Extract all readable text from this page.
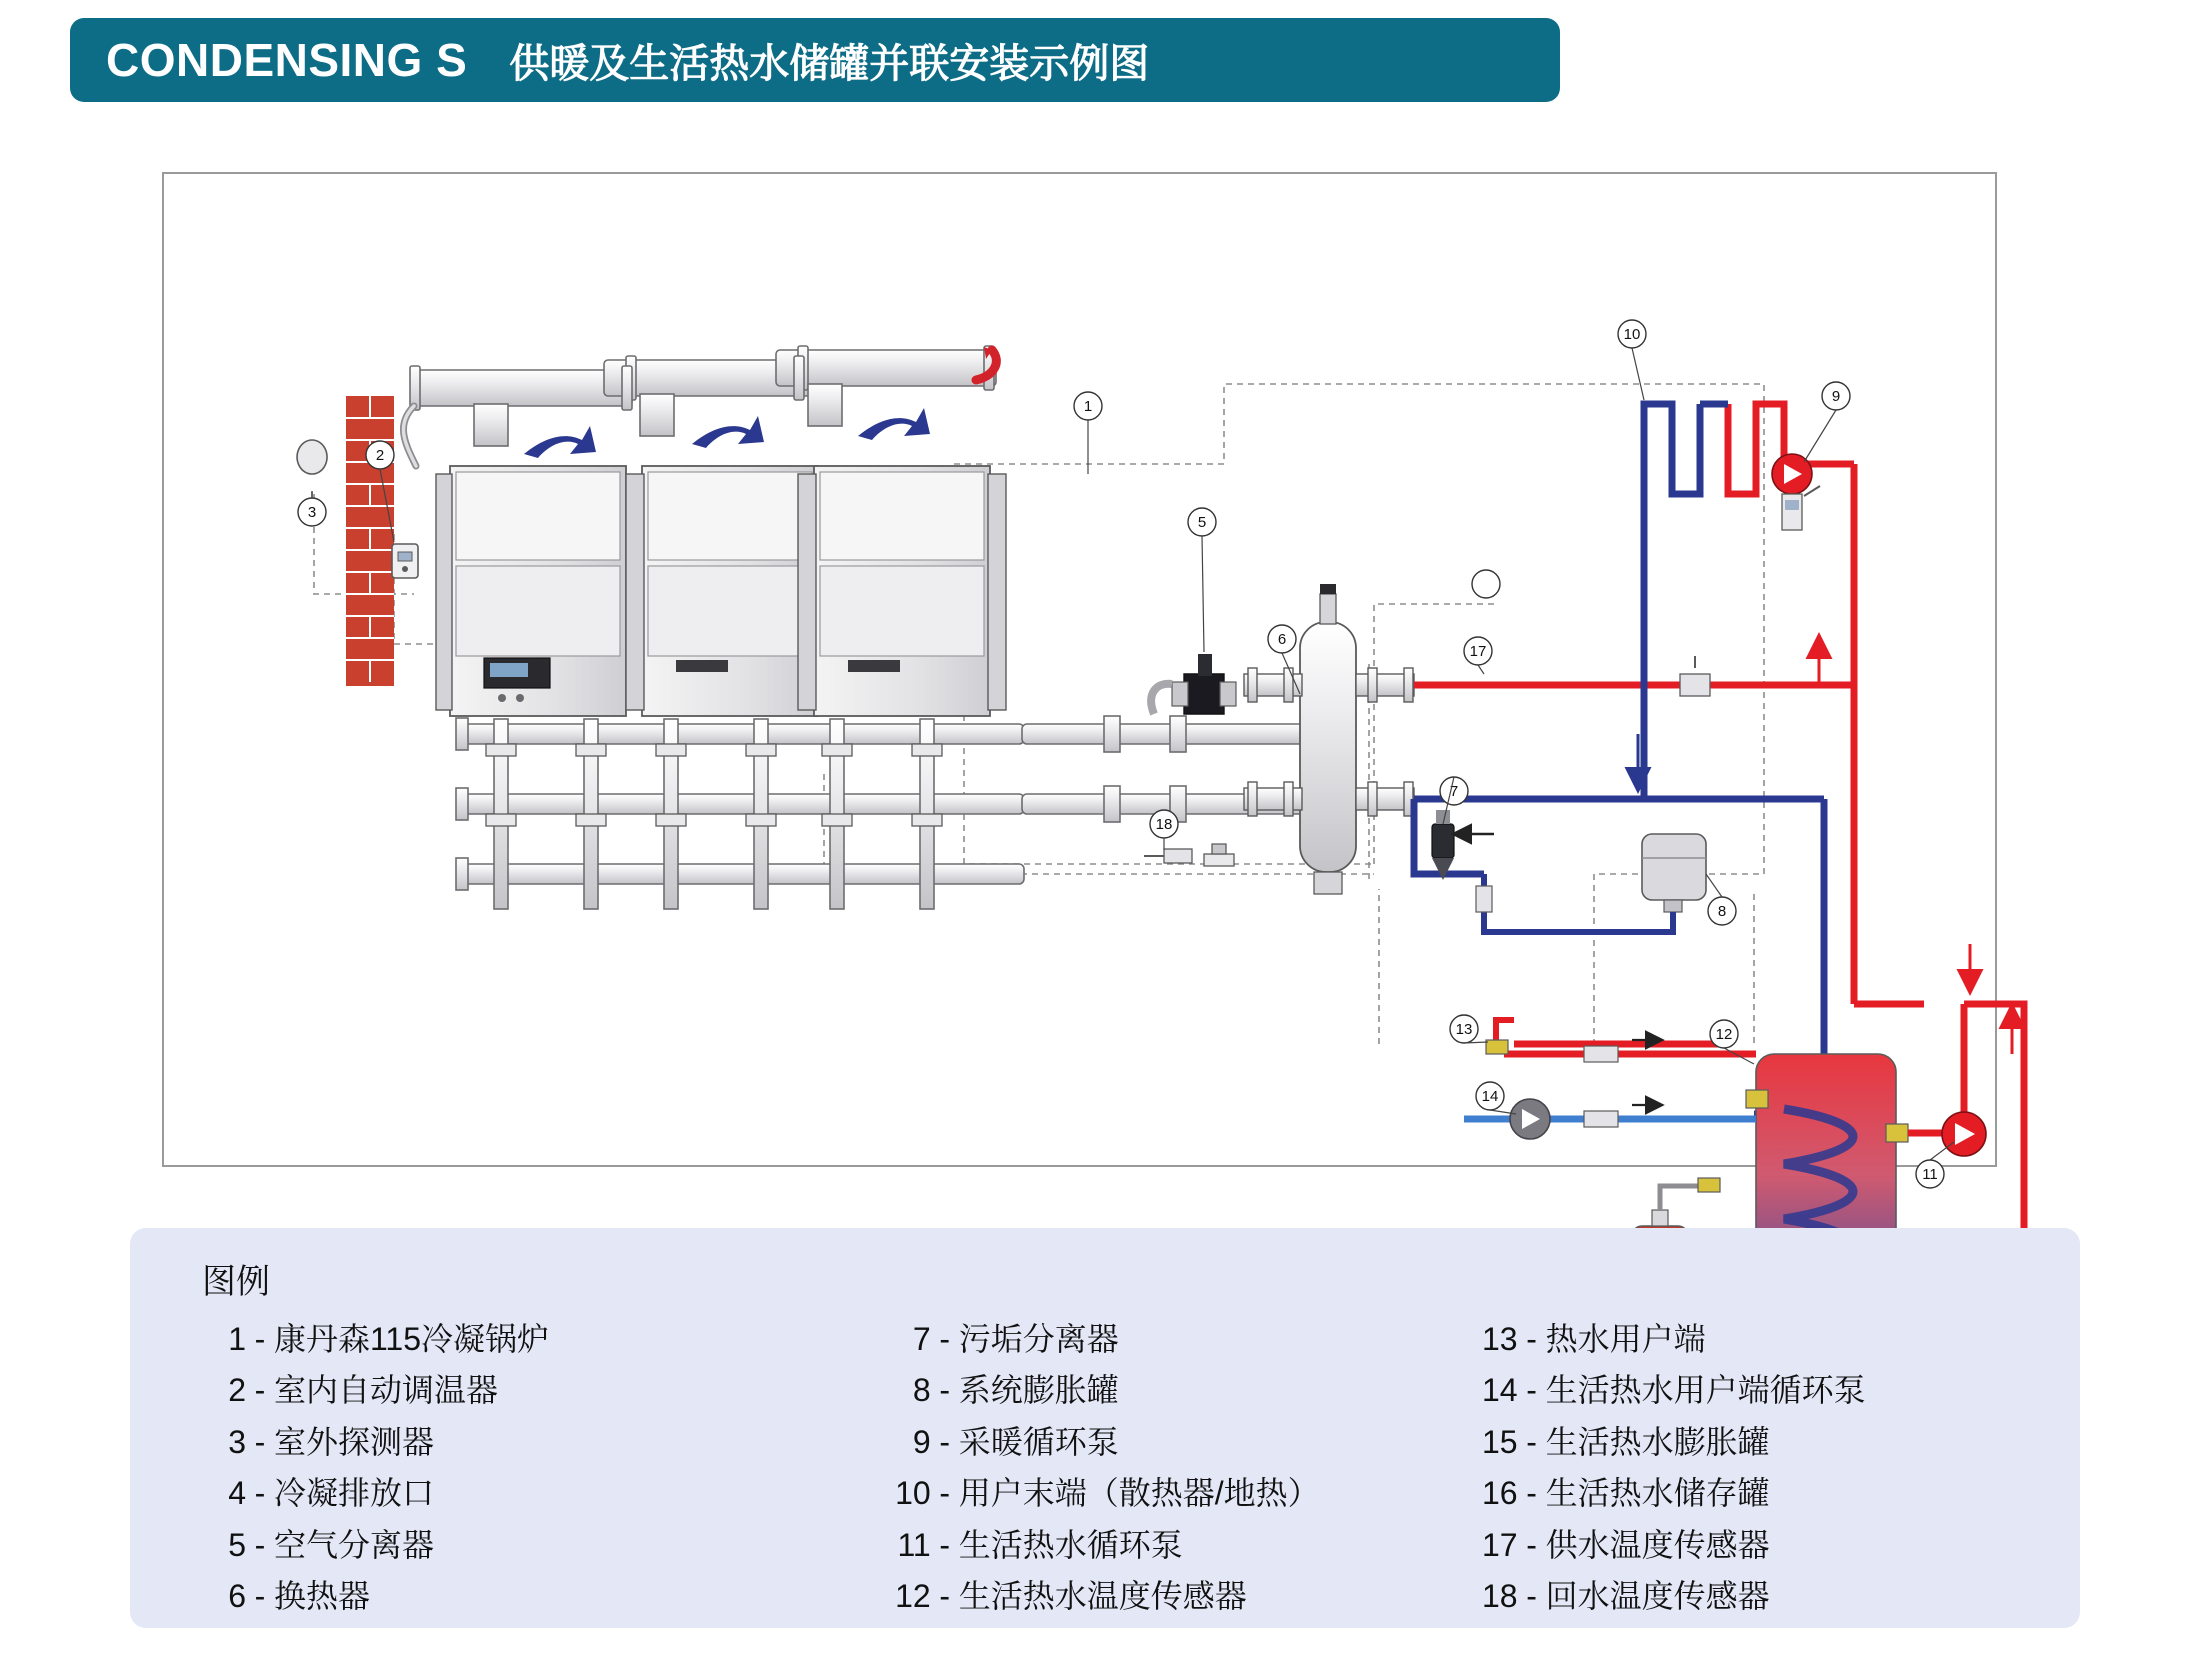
CONDENSING S 供暖及生活热水储罐并联安装示例图
1
2
3
5
6
7
8
9
10
11
12
13
14
17
18
图例
1 - 康丹森115冷凝锅炉
2 - 室内自动调温器
3 - 室外探测器
4 - 冷凝排放口
5 - 空气分离器
6 - 换热器
7 - 污垢分离器
8 - 系统膨胀罐
9 - 采暖循环泵
10 - 用户末端（散热器/地热）
11 - 生活热水循环泵
12 - 生活热水温度传感器
13 - 热水用户端
14 - 生活热水用户端循环泵
15 - 生活热水膨胀罐
16 - 生活热水储存罐
17 - 供水温度传感器
18 - 回水温度传感器
